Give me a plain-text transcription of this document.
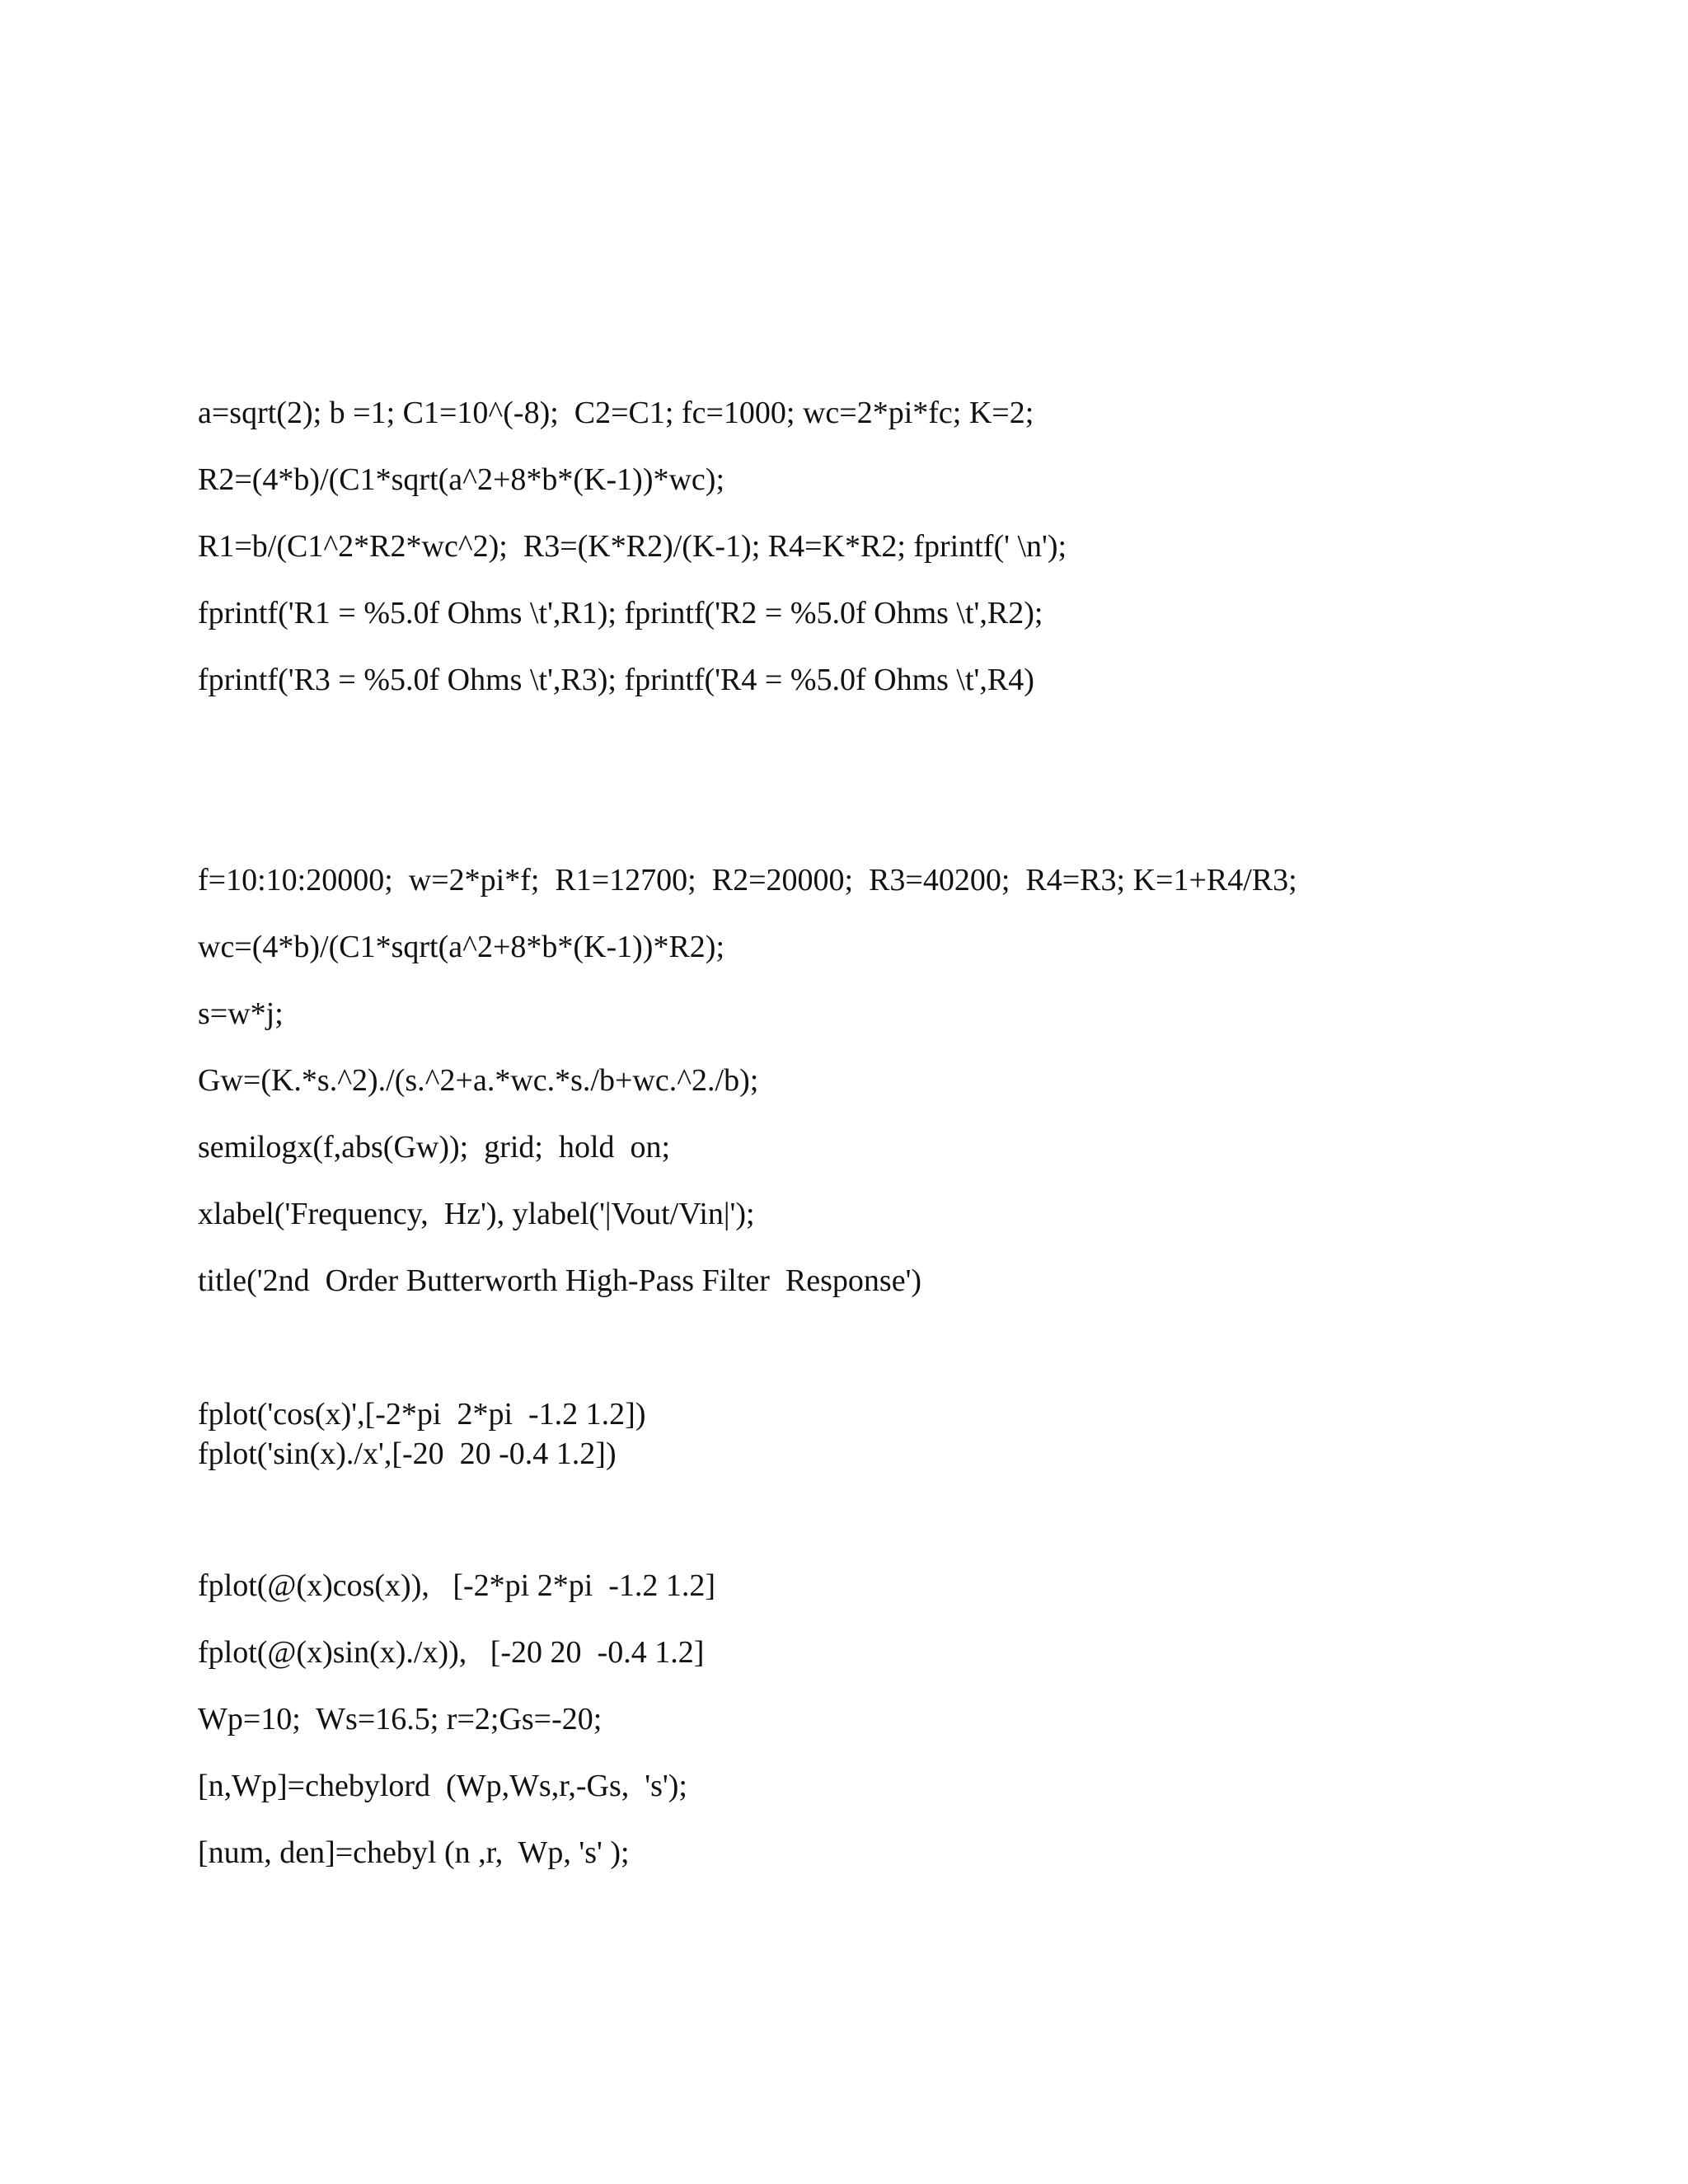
a=sqrt(2); b =1; C1=10^(-8);  C2=C1; fc=1000; wc=2*pi*fc; K=2;
R2=(4*b)/(C1*sqrt(a^2+8*b*(K-1))*wc);
R1=b/(C1^2*R2*wc^2);  R3=(K*R2)/(K-1); R4=K*R2; fprintf(' \n');
fprintf('R1 = %5.0f Ohms \t',R1); fprintf('R2 = %5.0f Ohms \t',R2);
fprintf('R3 = %5.0f Ohms \t',R3); fprintf('R4 = %5.0f Ohms \t',R4)
f=10:10:20000;  w=2*pi*f;  R1=12700;  R2=20000;  R3=40200;  R4=R3; K=1+R4/R3;
wc=(4*b)/(C1*sqrt(a^2+8*b*(K-1))*R2);
s=w*j;
Gw=(K.*s.^2)./(s.^2+a.*wc.*s./b+wc.^2./b);
semilogx(f,abs(Gw));  grid;  hold  on;
xlabel('Frequency,  Hz'), ylabel('|Vout/Vin|');
title('2nd  Order Butterworth High-Pass Filter  Response')
fplot('cos(x)',[-2*pi  2*pi  -1.2 1.2])
fplot('sin(x)./x',[-20  20 -0.4 1.2])
fplot(@(x)cos(x)),   [-2*pi 2*pi  -1.2 1.2]
fplot(@(x)sin(x)./x)),   [-20 20  -0.4 1.2]
Wp=10;  Ws=16.5; r=2;Gs=-20;
[n,Wp]=chebylord  (Wp,Ws,r,-Gs,  's');
[num, den]=chebyl (n ,r,  Wp, 's' );
